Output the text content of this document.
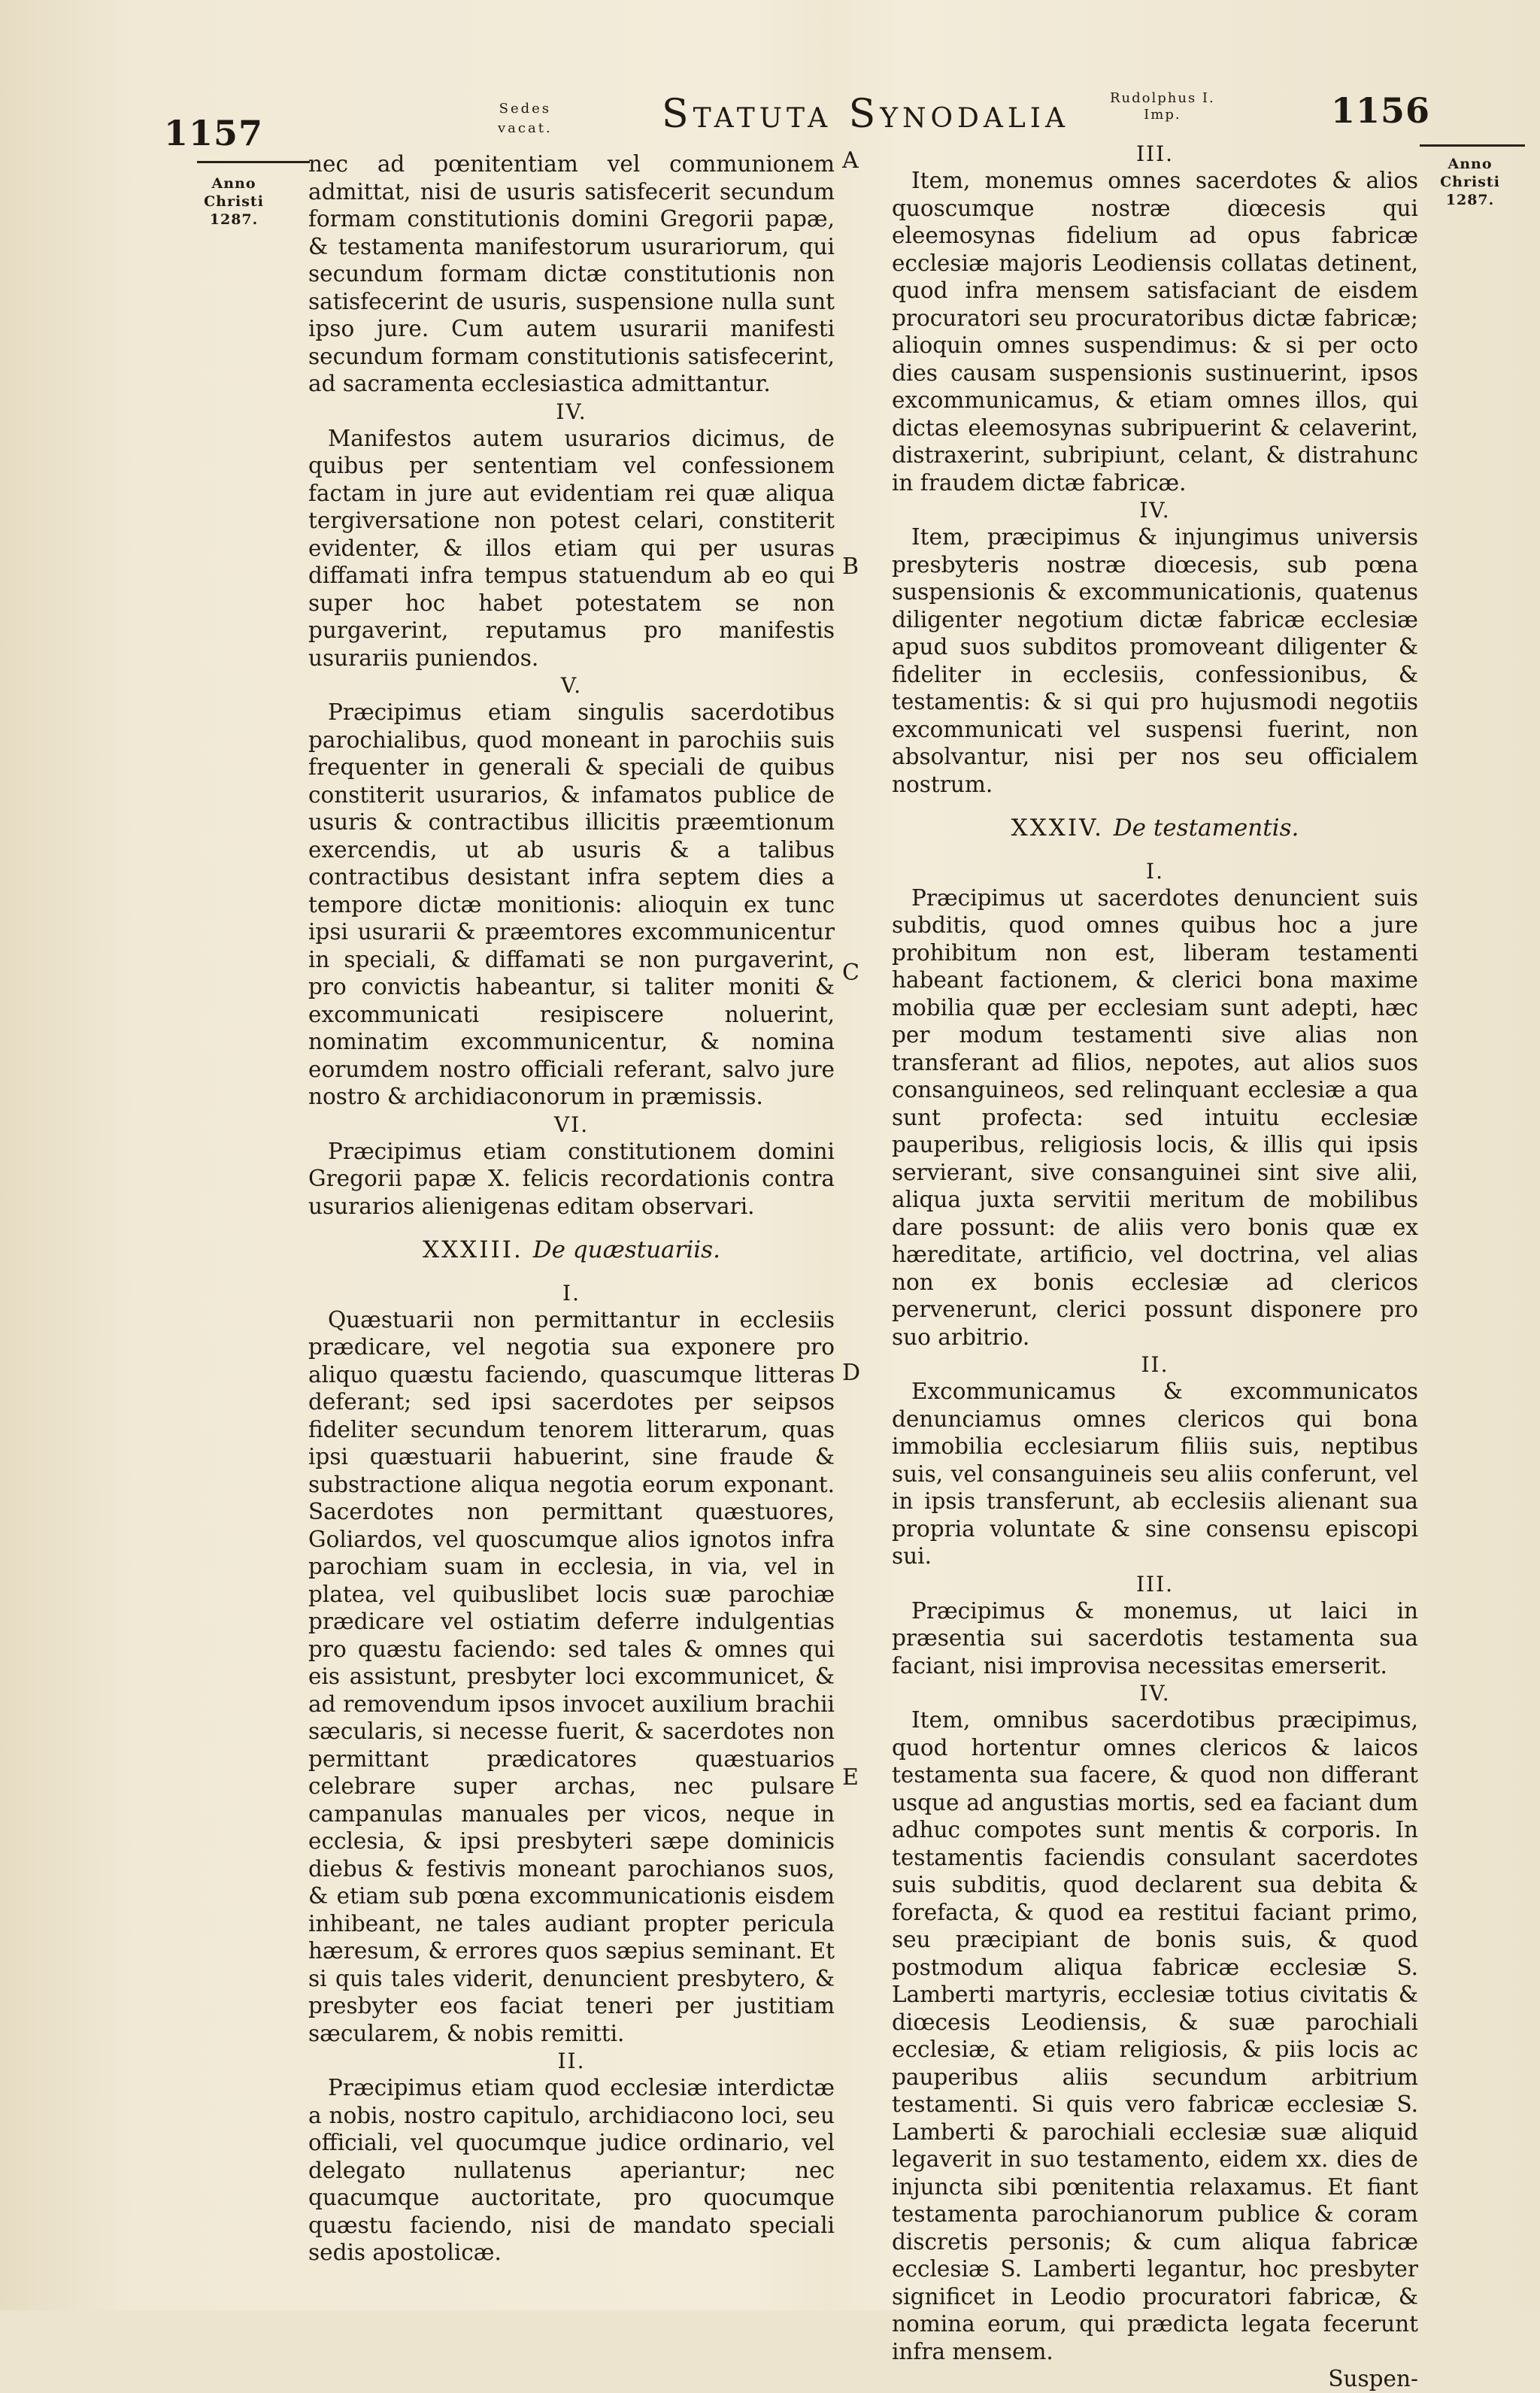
1157
Sedes
vacat.	Statuta Synodalia	Rudolphus I.
Imp.	1156
Anno
Christi
1287.
Anno
Christi
1287.
A
B
C
D
E

nec ad pœnitentiam vel communionem admittat, nisi de usuris satisfecerit secundum formam constitutionis domini Gregorii papæ, & testamenta manifestorum usurariorum, qui secundum formam dictæ constitutionis non satisfecerint de usuris, suspensione nulla sunt ipso jure. Cum autem usurarii manifesti secundum formam constitutionis satisfecerint, ad sacramenta ecclesiastica admittantur.

IV.

Manifestos autem usurarios dicimus, de quibus per sententiam vel confessionem factam in jure aut evidentiam rei quæ aliqua tergiversatione non potest celari, constiterit evidenter, & illos etiam qui per usuras diffamati infra tempus statuendum ab eo qui super hoc habet potestatem se non purgaverint, reputamus pro manifestis usurariis puniendos.

V.

Præcipimus etiam singulis sacerdotibus parochialibus, quod moneant in parochiis suis frequenter in generali & speciali de quibus constiterit usurarios, & infamatos publice de usuris & contractibus illicitis præemtionum exercendis, ut ab usuris & a talibus contractibus desistant infra septem dies a tempore dictæ monitionis: alioquin ex tunc ipsi usurarii & præemtores excommunicentur in speciali, & diffamati se non purgaverint, pro convictis habeantur, si taliter moniti & excommunicati resipiscere noluerint, nominatim excommunicentur, & nomina eorumdem nostro officiali referant, salvo jure nostro & archidiaconorum in præmissis.

VI.

Præcipimus etiam constitutionem domini Gregorii papæ X. felicis recordationis contra usurarios alienigenas editam observari.

XXXIII. De quæstuariis.
I.

Quæstuarii non permittantur in ecclesiis prædicare, vel negotia sua exponere pro aliquo quæstu faciendo, quascumque litteras deferant; sed ipsi sacerdotes per seipsos fideliter secundum tenorem litterarum, quas ipsi quæstuarii habuerint, sine fraude & substractione aliqua negotia eorum exponant. Sacerdotes non permittant quæstuores, Goliardos, vel quoscumque alios ignotos infra parochiam suam in ecclesia, in via, vel in platea, vel quibuslibet locis suæ parochiæ prædicare vel ostiatim deferre indulgentias pro quæstu faciendo: sed tales & omnes qui eis assistunt, presbyter loci excommunicet, & ad removendum ipsos invocet auxilium brachii sæcularis, si necesse fuerit, & sacerdotes non permittant prædicatores quæstuarios celebrare super archas, nec pulsare campanulas manuales per vicos, neque in ecclesia, & ipsi presbyteri sæpe dominicis diebus & festivis moneant parochianos suos, & etiam sub pœna excommunicationis eisdem inhibeant, ne tales audiant propter pericula hæresum, & errores quos sæpius seminant. Et si quis tales viderit, denuncient presbytero, & presbyter eos faciat teneri per justitiam sæcularem, & nobis remitti.

II.

Præcipimus etiam quod ecclesiæ interdictæ a nobis, nostro capitulo, archidiacono loci, seu officiali, vel quocumque judice ordinario, vel delegato nullatenus aperiantur; nec quacumque auctoritate, pro quocumque quæstu faciendo, nisi de mandato speciali sedis apostolicæ.

III.

Item, monemus omnes sacerdotes & alios quoscumque nostræ diœcesis qui eleemosynas fidelium ad opus fabricæ ecclesiæ majoris Leodiensis collatas detinent, quod infra mensem satisfaciant de eisdem procuratori seu procuratoribus dictæ fabricæ; alioquin omnes suspendimus: & si per octo dies causam suspensionis sustinuerint, ipsos excommunicamus, & etiam omnes illos, qui dictas eleemosynas subripuerint & celaverint, distraxerint, subripiunt, celant, & distrahunc in fraudem dictæ fabricæ.

IV.

Item, præcipimus & injungimus universis presbyteris nostræ diœcesis, sub pœna suspensionis & excommunicationis, quatenus diligenter negotium dictæ fabricæ ecclesiæ apud suos subditos promoveant diligenter & fideliter in ecclesiis, confessionibus, & testamentis: & si qui pro hujusmodi negotiis excommunicati vel suspensi fuerint, non absolvantur, nisi per nos seu officialem nostrum.

XXXIV. De testamentis.
I.

Præcipimus ut sacerdotes denuncient suis subditis, quod omnes quibus hoc a jure prohibitum non est, liberam testamenti habeant factionem, & clerici bona maxime mobilia quæ per ecclesiam sunt adepti, hæc per modum testamenti sive alias non transferant ad filios, nepotes, aut alios suos consanguineos, sed relinquant ecclesiæ a qua sunt profecta: sed intuitu ecclesiæ pauperibus, religiosis locis, & illis qui ipsis servierant, sive consanguinei sint sive alii, aliqua juxta servitii meritum de mobilibus dare possunt: de aliis vero bonis quæ ex hæreditate, artificio, vel doctrina, vel alias non ex bonis ecclesiæ ad clericos pervenerunt, clerici possunt disponere pro suo arbitrio.

II.

Excommunicamus & excommunicatos denunciamus omnes clericos qui bona immobilia ecclesiarum filiis suis, neptibus suis, vel consanguineis seu aliis conferunt, vel in ipsis transferunt, ab ecclesiis alienant sua propria voluntate & sine consensu episcopi sui.

III.

Præcipimus & monemus, ut laici in præsentia sui sacerdotis testamenta sua faciant, nisi improvisa necessitas emerserit.

IV.

Item, omnibus sacerdotibus præcipimus, quod hortentur omnes clericos & laicos testamenta sua facere, & quod non differant usque ad angustias mortis, sed ea faciant dum adhuc compotes sunt mentis & corporis. In testamentis faciendis consulant sacerdotes suis subditis, quod declarent sua debita & forefacta, & quod ea restitui faciant primo, seu præcipiant de bonis suis, & quod postmodum aliqua fabricæ ecclesiæ S. Lamberti martyris, ecclesiæ totius civitatis & diœcesis Leodiensis, & suæ parochiali ecclesiæ, & etiam religiosis, & piis locis ac pauperibus aliis secundum arbitrium testamenti. Si quis vero fabricæ ecclesiæ S. Lamberti & parochiali ecclesiæ suæ aliquid legaverit in suo testamento, eidem xx. dies de injuncta sibi pœnitentia relaxamus. Et fiant testamenta parochianorum publice & coram discretis personis; & cum aliqua fabricæ ecclesiæ S. Lamberti legantur, hoc presbyter significet in Leodio procuratori fabricæ, & nomina eorum, qui prædicta legata fecerunt infra mensem.

Suspen-
